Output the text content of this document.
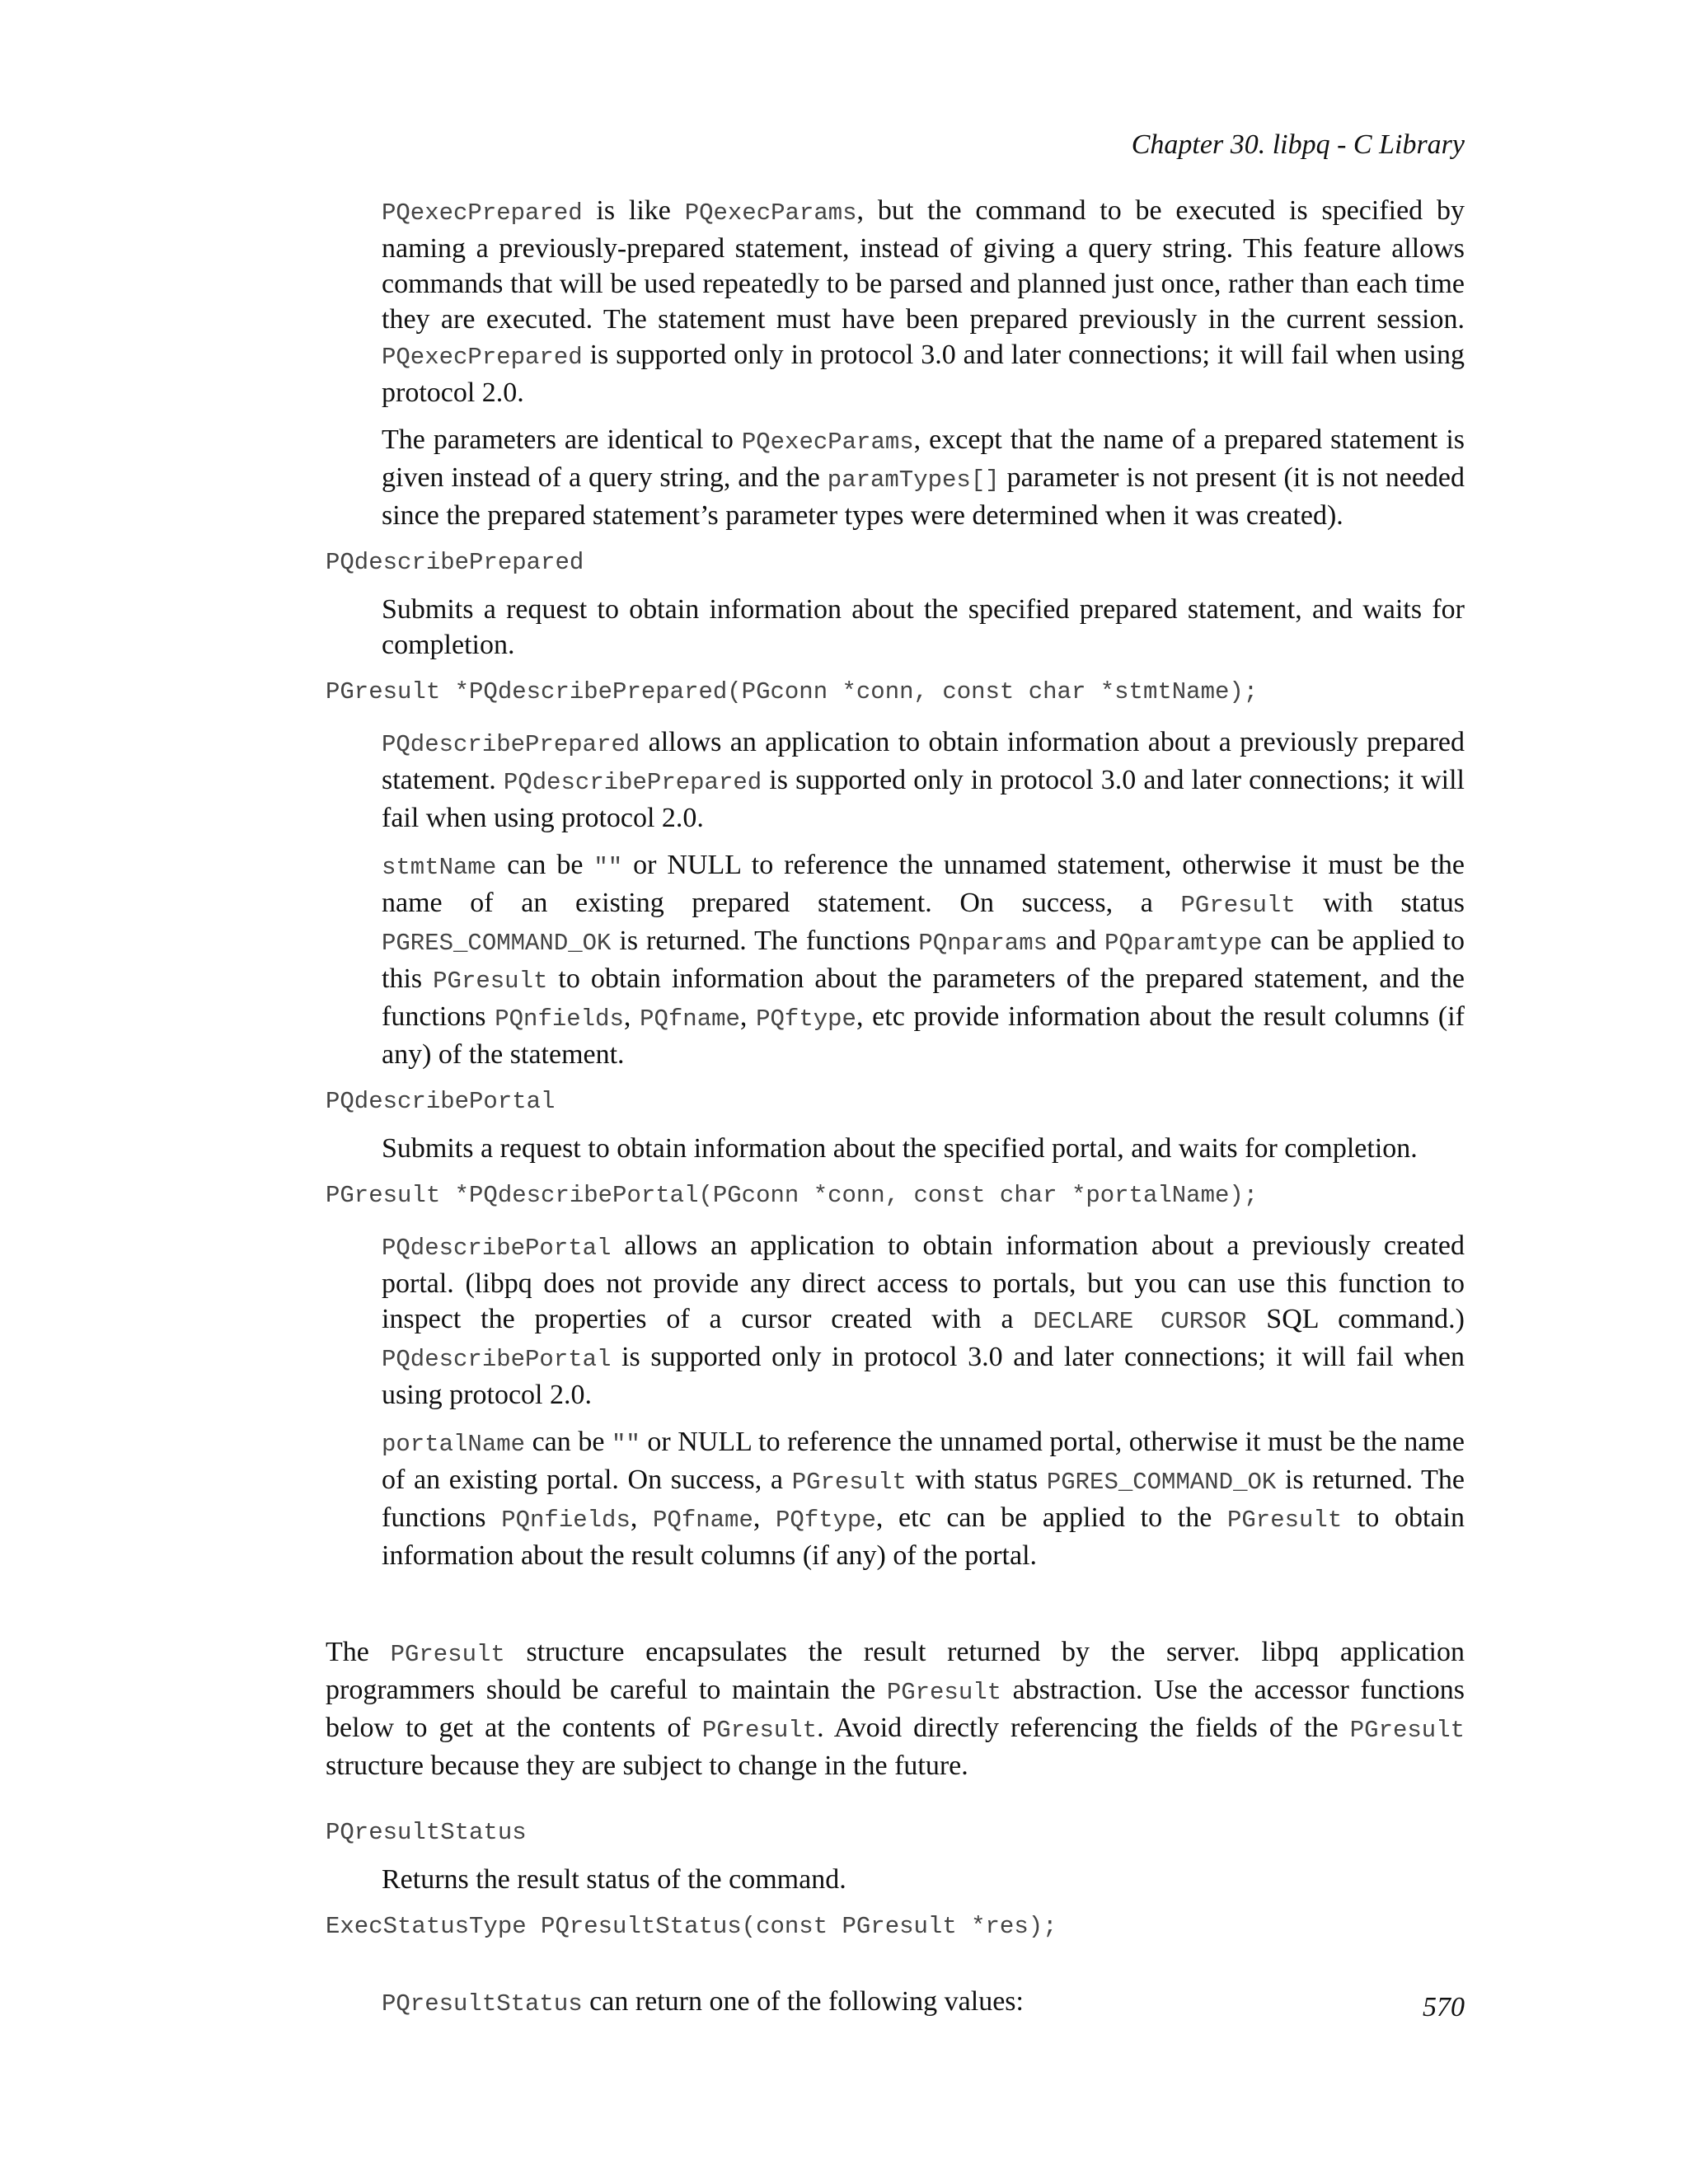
Chapter 30. libpq - C Library

PQexecPrepared is like PQexecParams, but the command to be executed is specified by naming a previously-prepared statement, instead of giving a query string. This feature allows commands that will be used repeatedly to be parsed and planned just once, rather than each time they are executed. The statement must have been prepared previously in the current session. PQexecPrepared is supported only in protocol 3.0 and later connections; it will fail when using protocol 2.0.

The parameters are identical to PQexecParams, except that the name of a prepared statement is given instead of a query string, and the paramTypes[] parameter is not present (it is not needed since the prepared statement’s parameter types were determined when it was created).

PQdescribePrepared

Submits a request to obtain information about the specified prepared statement, and waits for completion.

PGresult *PQdescribePrepared(PGconn *conn, const char *stmtName);

PQdescribePrepared allows an application to obtain information about a previously prepared statement. PQdescribePrepared is supported only in protocol 3.0 and later connections; it will fail when using protocol 2.0.

stmtName can be "" or NULL to reference the unnamed statement, otherwise it must be the name of an existing prepared statement. On success, a PGresult with status PGRES_COMMAND_OK is returned. The functions PQnparams and PQparamtype can be applied to this PGresult to obtain information about the parameters of the prepared statement, and the functions PQnfields, PQfname, PQftype, etc provide information about the result columns (if any) of the statement.

PQdescribePortal

Submits a request to obtain information about the specified portal, and waits for completion.

PGresult *PQdescribePortal(PGconn *conn, const char *portalName);

PQdescribePortal allows an application to obtain information about a previously created portal. (libpq does not provide any direct access to portals, but you can use this function to inspect the properties of a cursor created with a DECLARE CURSOR SQL command.) PQdescribePortal is supported only in protocol 3.0 and later connections; it will fail when using protocol 2.0.

portalName can be "" or NULL to reference the unnamed portal, otherwise it must be the name of an existing portal. On success, a PGresult with status PGRES_COMMAND_OK is returned. The functions PQnfields, PQfname, PQftype, etc can be applied to the PGresult to obtain information about the result columns (if any) of the portal.

The PGresult structure encapsulates the result returned by the server. libpq application programmers should be careful to maintain the PGresult abstraction. Use the accessor functions below to get at the contents of PGresult. Avoid directly referencing the fields of the PGresult structure because they are subject to change in the future.

PQresultStatus

Returns the result status of the command.

ExecStatusType PQresultStatus(const PGresult *res);

PQresultStatus can return one of the following values:	570
